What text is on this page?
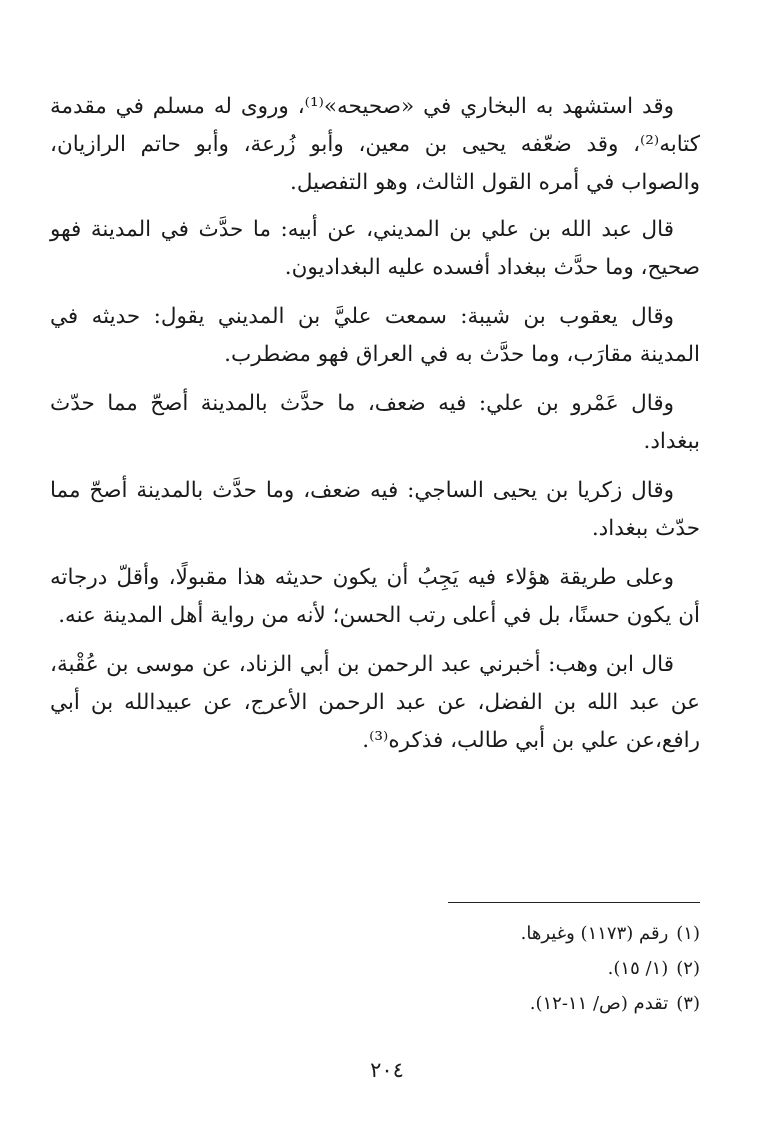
وقد استشهد به البخاري في «صحيحه»⁽¹⁾، وروى له مسلم في مقدمة كتابه⁽²⁾، وقد ضعّفه يحيى بن معين، وأبو زُرعة، وأبو حاتم الرازيان، والصواب في أمره القول الثالث، وهو التفصيل.

قال عبد الله بن علي بن المديني، عن أبيه: ما حدَّث في المدينة فهو صحيح، وما حدَّث ببغداد أفسده عليه البغداديون.

وقال يعقوب بن شيبة: سمعت عليَّ بن المديني يقول: حديثه في المدينة مقارَب، وما حدَّث به في العراق فهو مضطرب.

وقال عَمْرو بن علي: فيه ضعف، ما حدَّث بالمدينة أصحّ مما حدّث ببغداد.

وقال زكريا بن يحيى الساجي: فيه ضعف، وما حدَّث بالمدينة أصحّ مما حدّث ببغداد.

وعلى طريقة هؤلاء فيه يَجِبُ أن يكون حديثه هذا مقبولًا، وأقلّ درجاته أن يكون حسنًا، بل في أعلى رتب الحسن؛ لأنه من رواية أهل المدينة عنه.

قال ابن وهب: أخبرني عبد الرحمن بن أبي الزناد، عن موسى بن عُقْبة، عن عبد الله بن الفضل، عن عبد الرحمن الأعرج، عن عبيدالله بن أبي رافع،عن علي بن أبي طالب، فذكره⁽³⁾.

(١)رقم (١١٧٣) وغيرها.
(٢)(١/ ١٥).
(٣)تقدم (ص/ ١١-١٢).
٢٠٤
